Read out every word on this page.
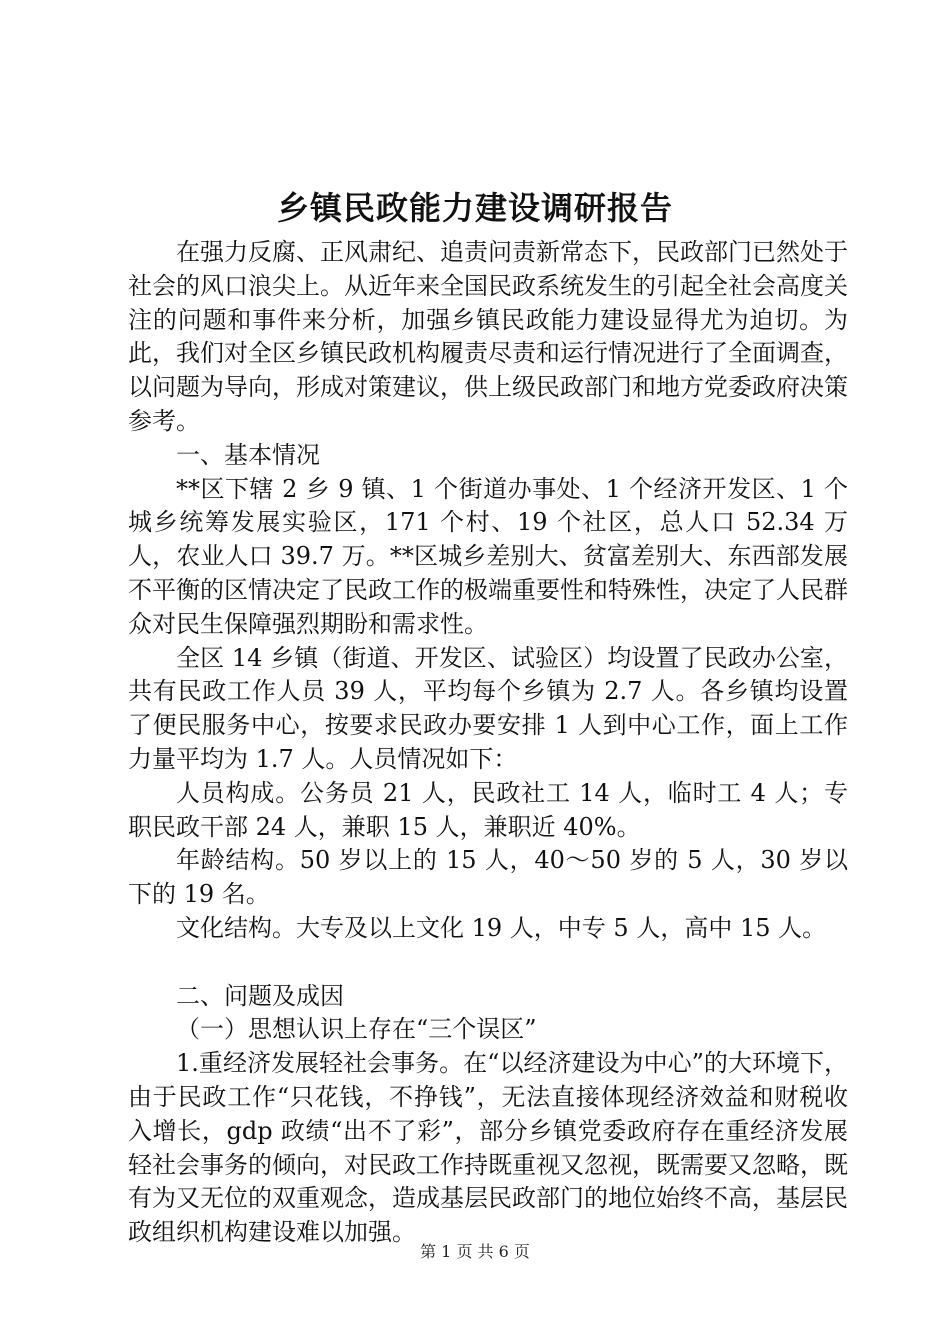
乡镇民政能力建设调研报告

在强力反腐、正风肃纪、追责问责新常态下，民政部门已然处于社会的风口浪尖上。从近年来全国民政系统发生的引起全社会高度关注的问题和事件来分析，加强乡镇民政能力建设显得尤为迫切。为此，我们对全区乡镇民政机构履责尽责和运行情况进行了全面调查，以问题为导向，形成对策建议，供上级民政部门和地方党委政府决策参考。

一、基本情况

**区下辖 2 乡 9 镇、1 个街道办事处、1 个经济开发区、1 个城乡统筹发展实验区，171 个村、19 个社区，总人口 52.34 万人，农业人口 39.7 万。**区城乡差别大、贫富差别大、东西部发展不平衡的区情决定了民政工作的极端重要性和特殊性，决定了人民群众对民生保障强烈期盼和需求性。

全区 14 乡镇（街道、开发区、试验区）均设置了民政办公室，共有民政工作人员 39 人，平均每个乡镇为 2.7 人。各乡镇均设置了便民服务中心，按要求民政办要安排 1 人到中心工作，面上工作力量平均为 1.7 人。人员情况如下：

人员构成。公务员 21 人，民政社工 14 人，临时工 4 人；专职民政干部 24 人，兼职 15 人，兼职近 40%。

年龄结构。50 岁以上的 15 人，40～50 岁的 5 人，30 岁以下的 19 名。

文化结构。大专及以上文化 19 人，中专 5 人，高中 15 人。

二、问题及成因

（一）思想认识上存在“三个误区”

1.重经济发展轻社会事务。在“以经济建设为中心”的大环境下，由于民政工作“只花钱，不挣钱”，无法直接体现经济效益和财税收入增长，gdp 政绩“出不了彩”，部分乡镇党委政府存在重经济发展轻社会事务的倾向，对民政工作持既重视又忽视，既需要又忽略，既有为又无位的双重观念，造成基层民政部门的地位始终不高，基层民政组织机构建设难以加强。

第 1 页 共 6 页
